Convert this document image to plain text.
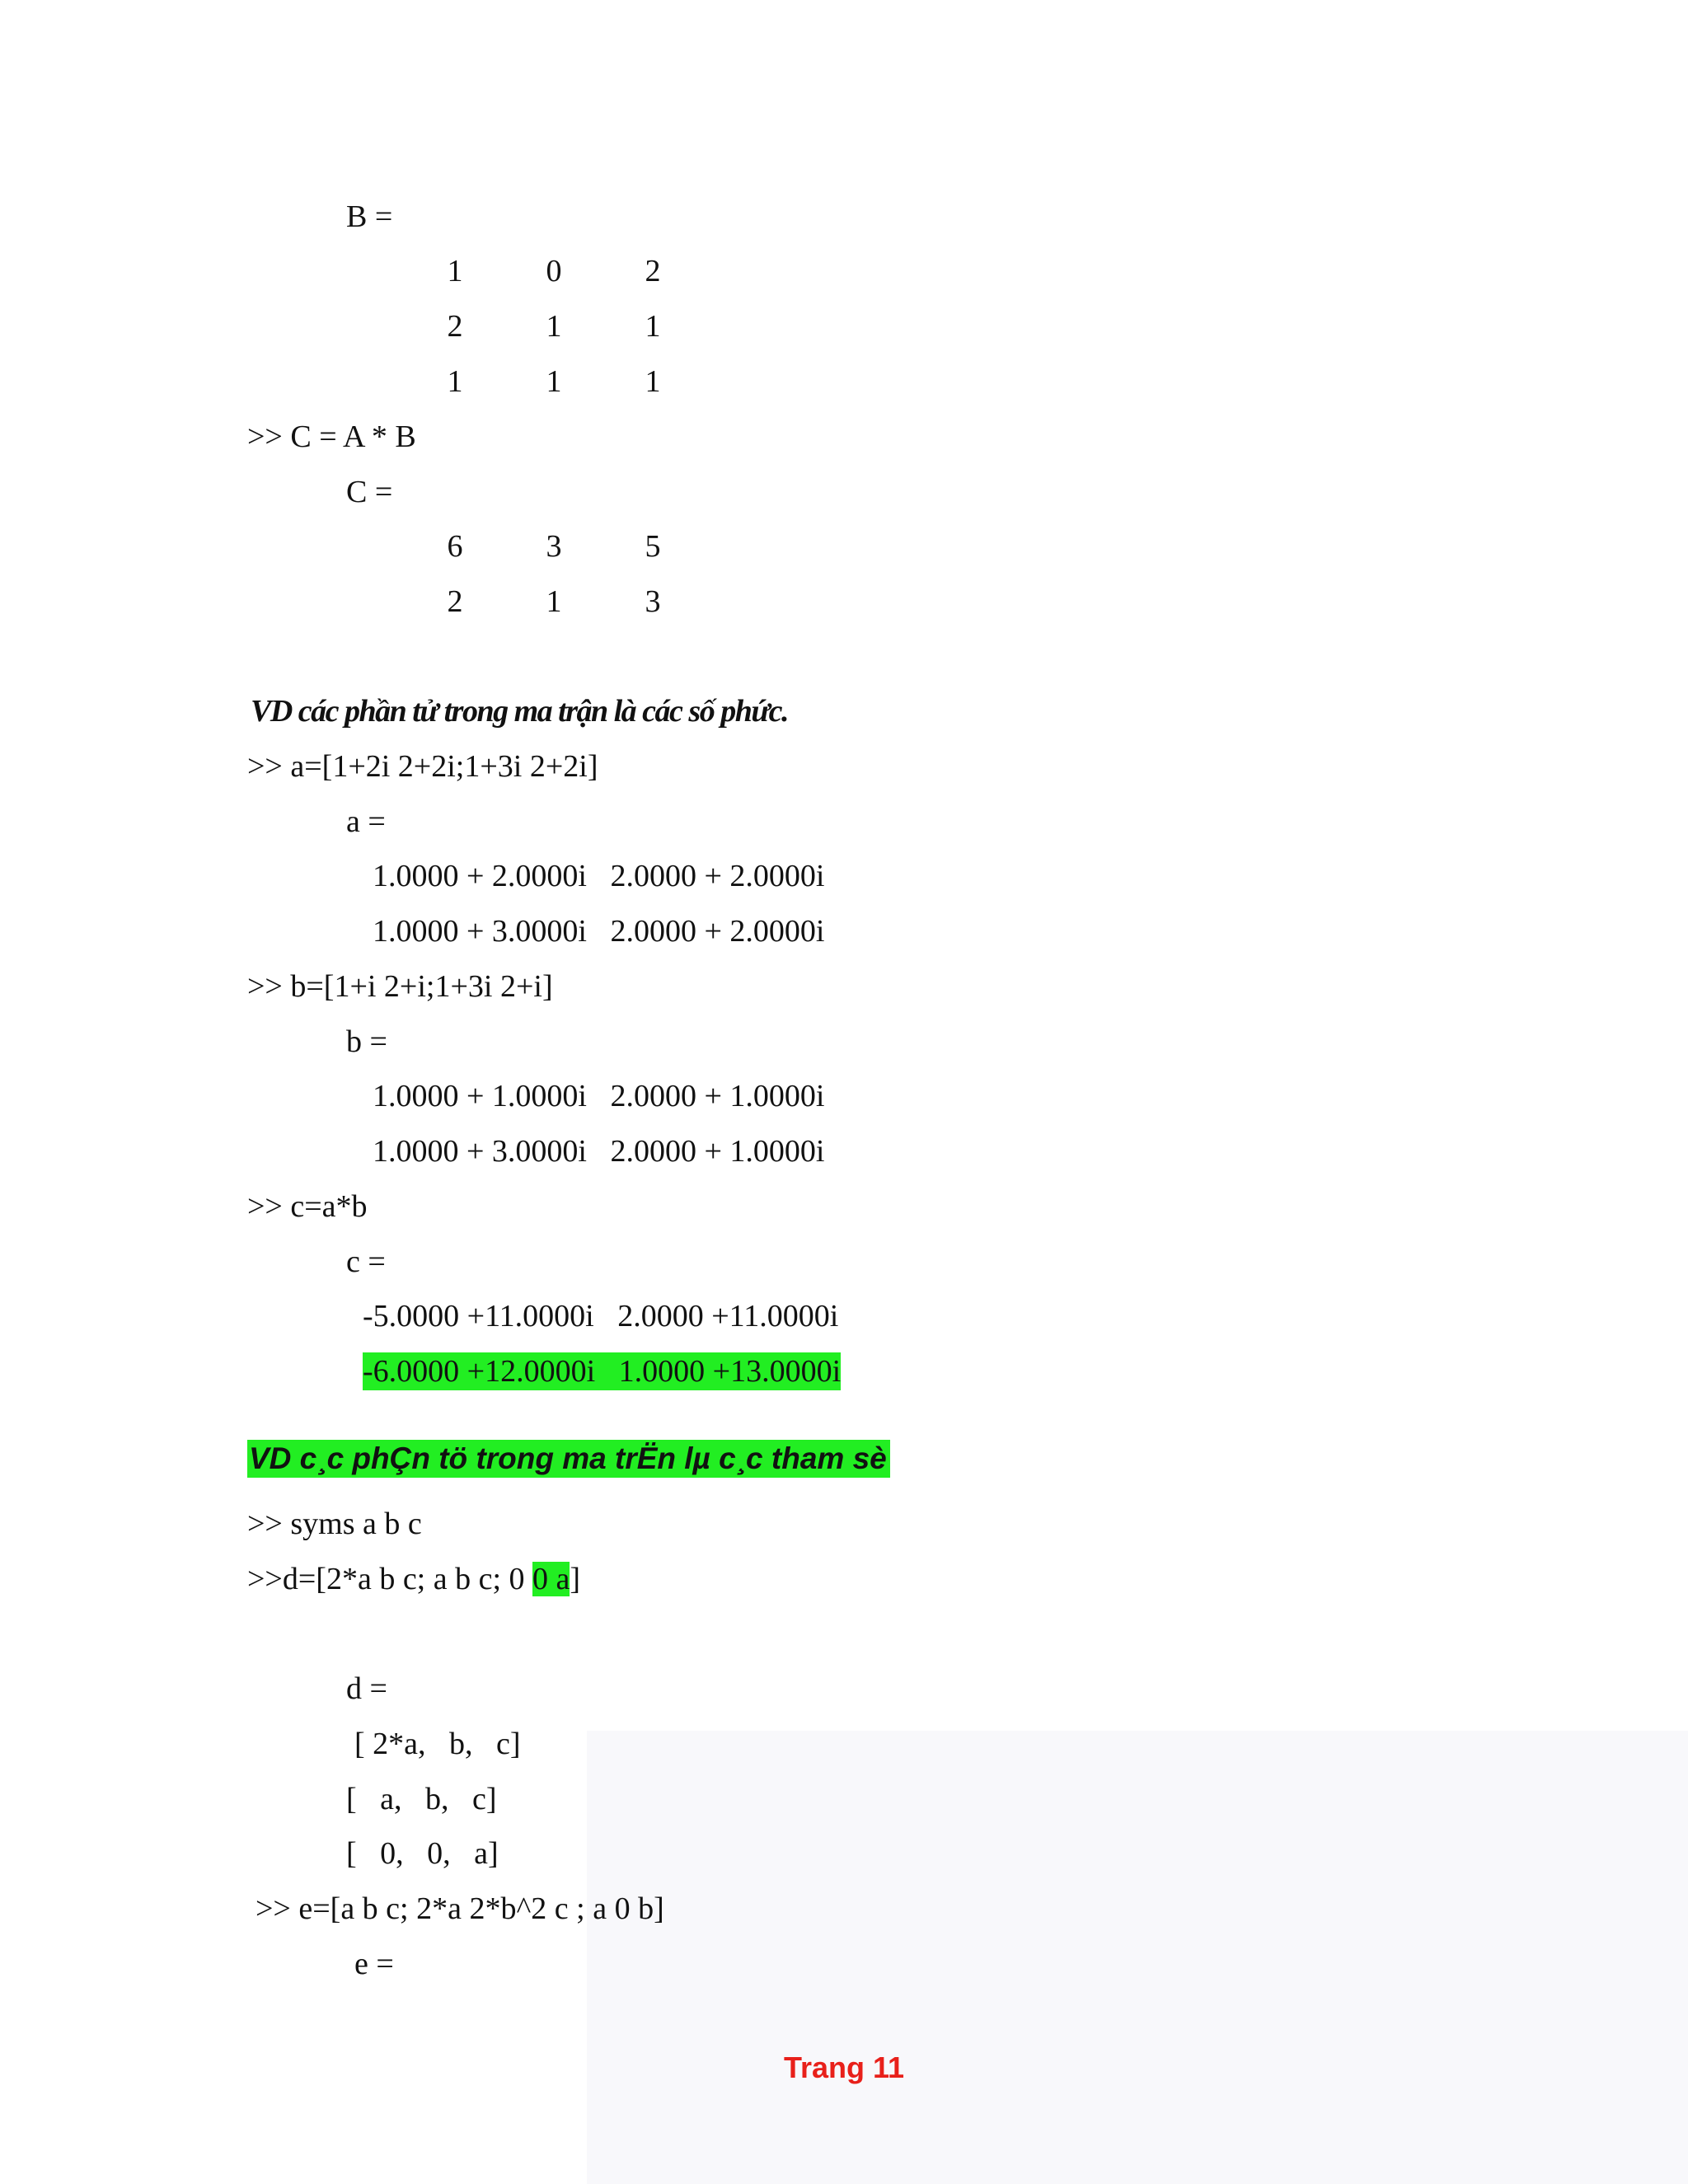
B =
1	0	2
2	1	1
1	1	1
>> C = A * B
C =
6	3	5
2	1	3
VD các phần tử trong ma trận là các số phức.
>> a=[1+2i 2+2i;1+3i 2+2i]
a =
1.0000 + 2.0000i   2.0000 + 2.0000i
1.0000 + 3.0000i   2.0000 + 2.0000i
>> b=[1+i 2+i;1+3i 2+i]
b =
1.0000 + 1.0000i   2.0000 + 1.0000i
1.0000 + 3.0000i   2.0000 + 1.0000i
>> c=a*b
c =
-5.0000 +11.0000i   2.0000 +11.0000i
-6.0000 +12.0000i   1.0000 +13.0000i
VD c¸c phÇn tö trong ma trËn lµ c¸c tham sè
>> syms a b c
>>d=[2*a b c; a b c; 0 0 a]
d =
[ 2*a,   b,   c]
[   a,   b,   c]
[   0,   0,   a]
>> e=[a b c; 2*a 2*b^2 c ; a 0 b]
e =
Trang 11
